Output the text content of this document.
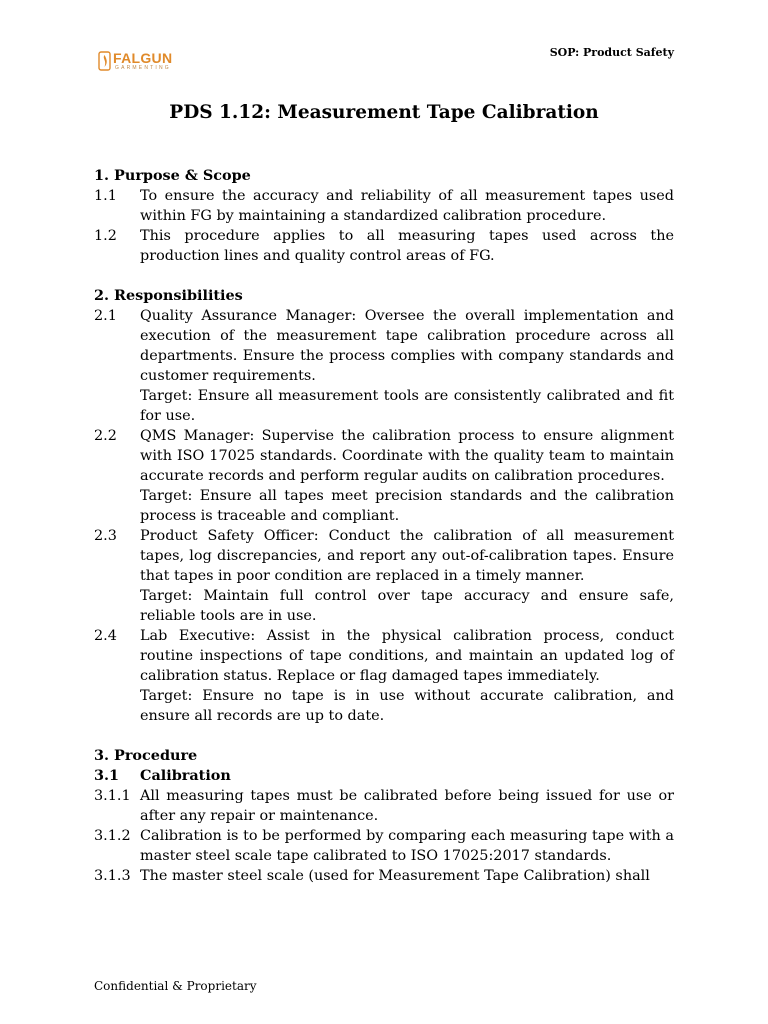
FALGUN
GARMENTING
SOP: Product Safety
PDS 1.12: Measurement Tape Calibration
1. Purpose & Scope
1.1	To ensure the accuracy and reliability of all measurement tapes used within FG by maintaining a standardized calibration procedure.

1.2	This procedure applies to all measuring tapes used across the production lines and quality control areas of FG.

2. Responsibilities
2.1	Quality Assurance Manager: Oversee the overall implementation and execution of the measurement tape calibration procedure across all departments. Ensure the process complies with company standards and customer requirements.

Target: Ensure all measurement tools are consistently calibrated and fit for use.

2.2	QMS Manager: Supervise the calibration process to ensure alignment with ISO 17025 standards. Coordinate with the quality team to maintain accurate records and perform regular audits on calibration procedures.

Target: Ensure all tapes meet precision standards and the calibration process is traceable and compliant.

2.3	Product Safety Officer: Conduct the calibration of all measurement tapes, log discrepancies, and report any out-of-calibration tapes. Ensure that tapes in poor condition are replaced in a timely manner.

Target: Maintain full control over tape accuracy and ensure safe, reliable tools are in use.

2.4	Lab Executive: Assist in the physical calibration process, conduct routine inspections of tape conditions, and maintain an updated log of calibration status. Replace or flag damaged tapes immediately.

Target: Ensure no tape is in use without accurate calibration, and ensure all records are up to date.

3. Procedure
3.1	Calibration
3.1.1 All measuring tapes must be calibrated before being issued for use or after any repair or maintenance.

3.1.2 Calibration is to be performed by comparing each measuring tape with a master steel scale tape calibrated to ISO 17025:2017 standards.

3.1.3 The master steel scale (used for Measurement Tape Calibration) shall

Confidential & Proprietary
